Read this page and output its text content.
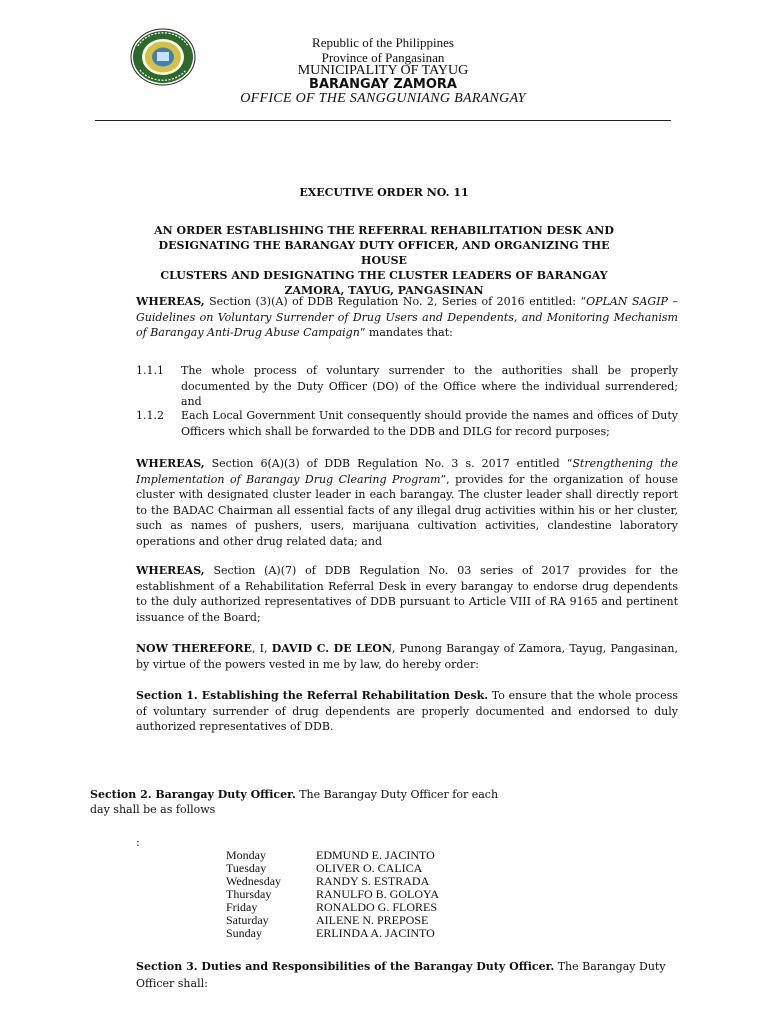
Republic of the Philippines
Province of Pangasinan
MUNICIPALITY OF TAYUG
BARANGAY ZAMORA
OFFICE OF THE SANGGUNIANG BARANGAY
EXECUTIVE ORDER NO. 11
AN ORDER ESTABLISHING THE REFERRAL REHABILITATION DESK AND
DESIGNATING THE BARANGAY DUTY OFFICER, AND ORGANIZING THE HOUSE
CLUSTERS AND DESIGNATING THE CLUSTER LEADERS OF BARANGAY
ZAMORA, TAYUG, PANGASINAN
WHEREAS, Section (3)(A) of DDB Regulation No. 2, Series of 2016 entitled: “OPLAN SAGIP – Guidelines on Voluntary Surrender of Drug Users and Dependents, and Monitoring Mechanism of Barangay Anti-Drug Abuse Campaign” mandates that:
1.1.1 The whole process of voluntary surrender to the authorities shall be properly documented by the Duty Officer (DO) of the Office where the individual surrendered; and
1.1.2 Each Local Government Unit consequently should provide the names and offices of Duty Officers which shall be forwarded to the DDB and DILG for record purposes;
WHEREAS, Section 6(A)(3) of DDB Regulation No. 3 s. 2017 entitled “Strengthening the Implementation of Barangay Drug Clearing Program”, provides for the organization of house cluster with designated cluster leader in each barangay. The cluster leader shall directly report to the BADAC Chairman all essential facts of any illegal drug activities within his or her cluster, such as names of pushers, users, marijuana cultivation activities, clandestine laboratory operations and other drug related data; and
WHEREAS, Section (A)(7) of DDB Regulation No. 03 series of 2017 provides for the establishment of a Rehabilitation Referral Desk in every barangay to endorse drug dependents to the duly authorized representatives of DDB pursuant to Article VIII of RA 9165 and pertinent issuance of the Board;
NOW THEREFORE, I, DAVID C. DE LEON, Punong Barangay of Zamora, Tayug, Pangasinan, by virtue of the powers vested in me by law, do hereby order:
Section 1. Establishing the Referral Rehabilitation Desk. To ensure that the whole process of voluntary surrender of drug dependents are properly documented and endorsed to duly authorized representatives of DDB.
Section 2. Barangay Duty Officer. The Barangay Duty Officer for each day shall be as follows
:
Monday	EDMUND E. JACINTO
Tuesday	OLIVER O. CALICA
Wednesday	RANDY S. ESTRADA
Thursday	RANULFO B. GOLOYA
Friday	RONALDO G. FLORES
Saturday	AILENE N. PREPOSE
Sunday	ERLINDA A. JACINTO
Section 3. Duties and Responsibilities of the Barangay Duty Officer. The Barangay Duty Officer shall:
